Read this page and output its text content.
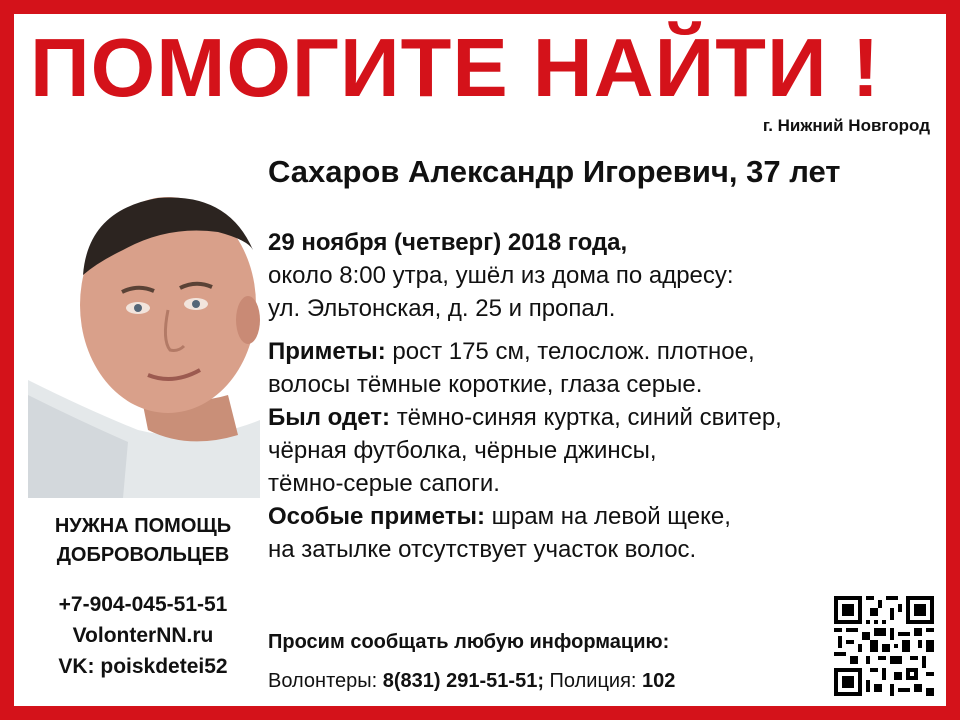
ПОМОГИТЕ НАЙТИ !
г. Нижний Новгород
Сахаров Александр Игоревич, 37 лет
29 ноября (четверг) 2018 года,
около 8:00 утра, ушёл из дома по адресу:
ул. Эльтонская, д. 25 и пропал.
Приметы: рост 175 см, телослож. плотное,
волосы тёмные короткие, глаза серые.
Был одет: тёмно-синяя куртка, синий свитер,
чёрная футболка, чёрные джинсы,
тёмно-серые сапоги.
Особые приметы: шрам на левой щеке,
на затылке отсутствует участок волос.
НУЖНА ПОМОЩЬ
ДОБРОВОЛЬЦЕВ
+7-904-045-51-51
VolonterNN.ru
VK: poiskdetei52
Просим сообщать любую информацию:
Волонтеры: 8(831) 291-51-51; Полиция: 102
